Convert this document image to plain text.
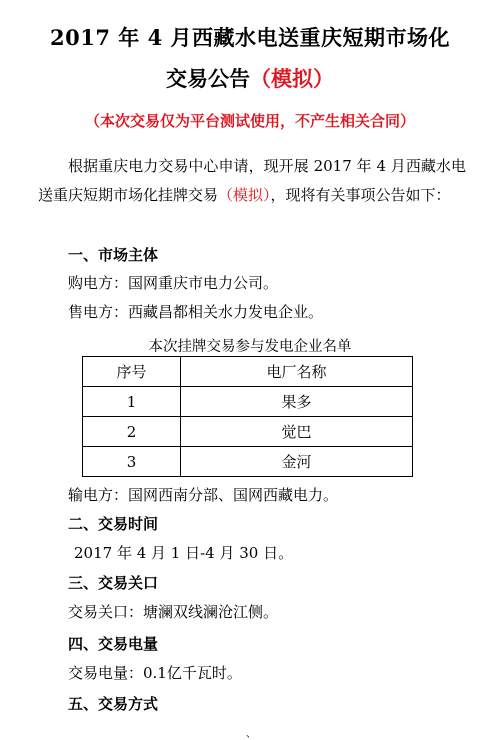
2017 年 4 月西藏水电送重庆短期市场化
交易公告（模拟）
（本次交易仅为平台测试使用，不产生相关合同）
根据重庆电力交易中心申请，现开展 2017 年 4 月西藏水电送重庆短期市场化挂牌交易（模拟），现将有关事项公告如下：
一、市场主体
购电方：国网重庆市电力公司。
售电方：西藏昌都相关水力发电企业。
本次挂牌交易参与发电企业名单
序号	电厂名称
1	果多
2	觉巴
3	金河
输电方：国网西南分部、国网西藏电力。
二、交易时间
2017 年 4 月 1 日-4 月 30 日。
三、交易关口
交易关口：塘澜双线澜沧江侧。
四、交易电量
交易电量：0.1亿千瓦时。
五、交易方式
、
